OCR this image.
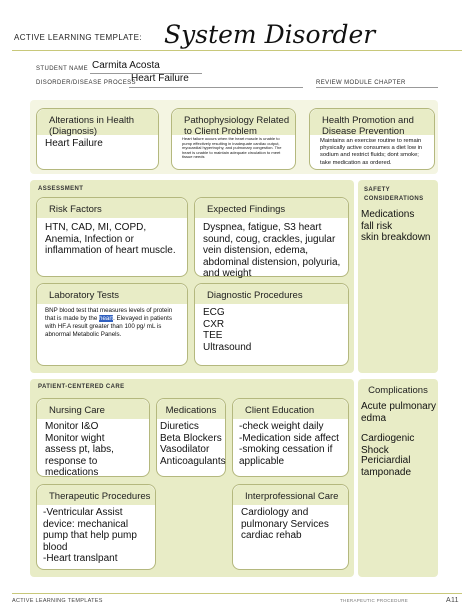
ACTIVE LEARNING TEMPLATE: System Disorder
STUDENT NAME Carmita Acosta
DISORDER/DISEASE PROCESS
Heart Failure	REVIEW MODULE CHAPTER
Alterations in Health (Diagnosis)
Heart Failure
Pathophysiology Related to Client Problem
Heart failure occurs when the heart muscle is unable to pump effectively resulting in inadequate cardiac output, myocardial hypertrophy, and pulmonary congestion. The heart is unable to maintain adequate circulation to meet tissue needs
Health Promotion and Disease Prevention
Maintains an exercise routine to remain physically active consumes a diet low in sodium and restrict fluids; dont smoke; take medication as ordered.
ASSESSMENT
Risk Factors
HTN, CAD, MI, COPD, Anemia, Infection or inflammation of heart muscle.
Expected Findings
Dyspnea, fatigue, S3 heart sound, coug, crackles, jugular vein distension, edema, abdominal distension, polyuria, and weight
Laboratory Tests
BNP blood test that measures levels of protein that is made by the heart. Elevayed in patients with HF.A result greater than 100 pg/ mL is abnormal Metabolic Panels.
Diagnostic Procedures
ECG
CXR
TEE
Ultrasound
SAFETY CONSIDERATIONS
Medications
fall risk
skin breakdown
PATIENT-CENTERED CARE
Nursing Care
Monitor I&O
Monitor wight
assess pt, labs, response to medications
Medications
Diuretics
Beta Blockers
Vasodilator
Anticoagulants
Client Education
-check weight daily
-Medication side affect
-smoking cessation if applicable
Therapeutic Procedures
-Ventricular Assist device: mechanical pump that help pump blood
-Heart translpant
Interprofessional Care
Cardiology and pulmonary Services cardiac rehab
Complications
Acute pulmonary edma
Cardiogenic Shock
Periciardial tamponade
ACTIVE LEARNING TEMPLATES	THERAPEUTIC PROCEDURE	A11
